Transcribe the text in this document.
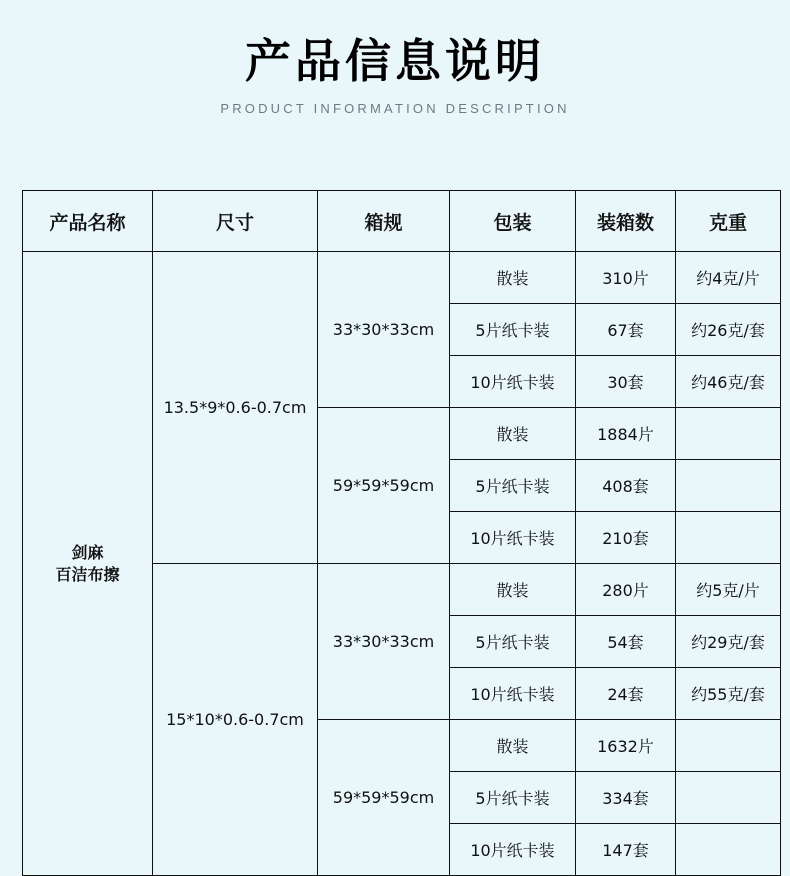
产品信息说明
PRODUCT INFORMATION DESCRIPTION
产品名称	尺寸	箱规	包装	装箱数	克重
剑麻
百洁布擦	13.5*9*0.6-0.7cm	33*30*33cm	散装	310片	约4克/片
			5片纸卡装	67套	约26克/套
			10片纸卡装	30套	约46克/套
		59*59*59cm	散装	1884片	
			5片纸卡装	408套	
			10片纸卡装	210套	
	15*10*0.6-0.7cm	33*30*33cm	散装	280片	约5克/片
			5片纸卡装	54套	约29克/套
			10片纸卡装	24套	约55克/套
		59*59*59cm	散装	1632片	
			5片纸卡装	334套	
			10片纸卡装	147套	
